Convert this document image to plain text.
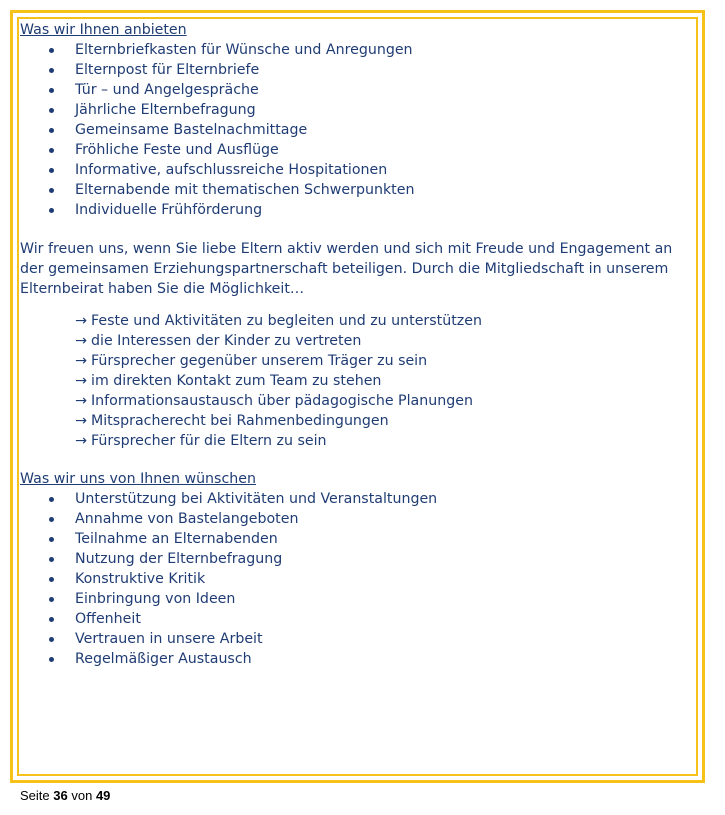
Was wir Ihnen anbieten
Elternbriefkasten für Wünsche und Anregungen
Elternpost für Elternbriefe
Tür – und Angelgespräche
Jährliche Elternbefragung
Gemeinsame Bastelnachmittage
Fröhliche Feste und Ausflüge
Informative, aufschlussreiche Hospitationen
Elternabende mit thematischen Schwerpunkten
Individuelle Frühförderung

Wir freuen uns, wenn Sie liebe Eltern aktiv werden und sich mit Freude und Engagement an

der gemeinsamen Erziehungspartnerschaft beteiligen. Durch die Mitgliedschaft in unserem

Elternbeirat haben Sie die Möglichkeit…

→ Feste und Aktivitäten zu begleiten und zu unterstützen
→ die Interessen der Kinder zu vertreten
→ Fürsprecher gegenüber unserem Träger zu sein
→ im direkten Kontakt zum Team zu stehen
→ Informationsaustausch über pädagogische Planungen
→ Mitspracherecht bei Rahmenbedingungen
→ Fürsprecher für die Eltern zu sein
Was wir uns von Ihnen wünschen
Unterstützung bei Aktivitäten und Veranstaltungen
Annahme von Bastelangeboten
Teilnahme an Elternabenden
Nutzung der Elternbefragung
Konstruktive Kritik
Einbringung von Ideen
Offenheit
Vertrauen in unsere Arbeit
Regelmäßiger Austausch
Seite 36 von 49
